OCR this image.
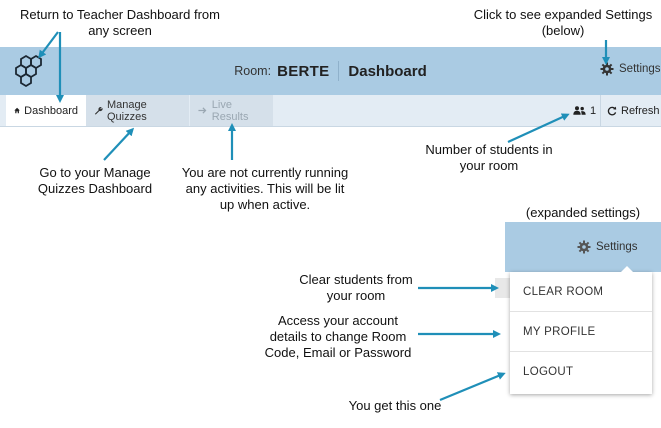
Return to Teacher Dashboard from
any screen
Click to see expanded Settings
(below)
Room: BERTE Dashboard	Settings
Dashboard	Manage Quizzes
Live Results	1 Refresh
Go to your Manage
Quizzes Dashboard
You are not currently running
any activities. This will be lit
up when active.
Number of students in
your room
(expanded settings)
Settings
CLEAR ROOM
MY PROFILE
LOGOUT
Clear students from
your room
Access your account
details to change Room
Code, Email or Password
You get this one
